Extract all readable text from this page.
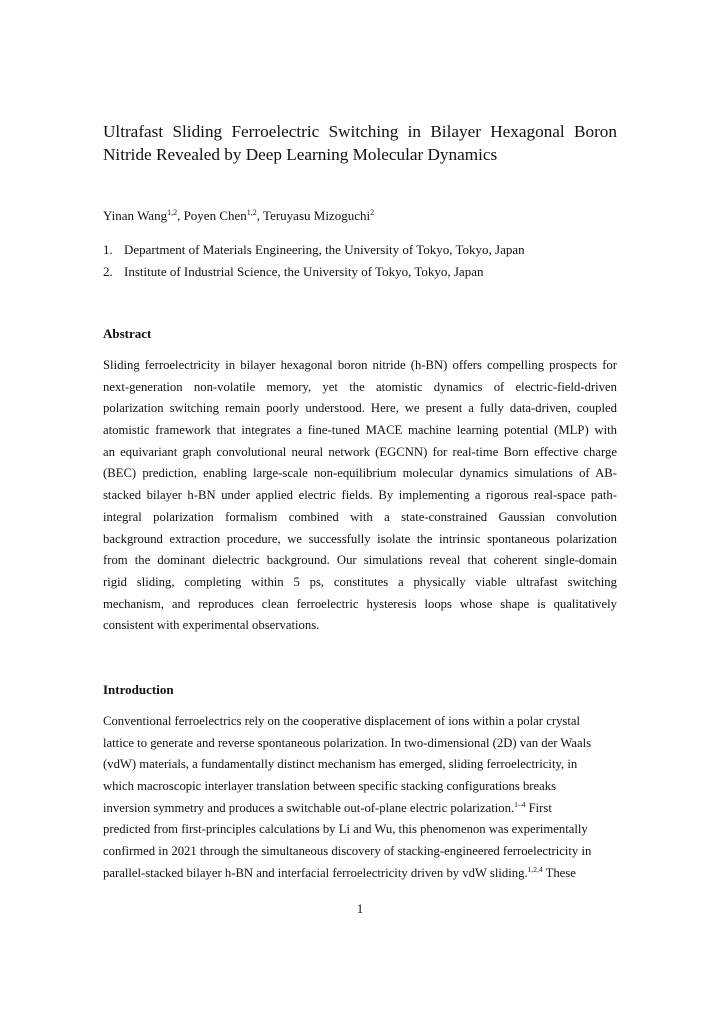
Ultrafast Sliding Ferroelectric Switching in Bilayer Hexagonal Boron Nitride Revealed by Deep Learning Molecular Dynamics
Yinan Wang$^{1,2}$, Poyen Chen$^{1,2}$, Teruyasu Mizoguchi$^2$
1. Department of Materials Engineering, the University of Tokyo, Tokyo, Japan
2. Institute of Industrial Science, the University of Tokyo, Tokyo, Japan
Abstract
Sliding ferroelectricity in bilayer hexagonal boron nitride (h-BN) offers compelling prospects for
next-generation non-volatile memory, yet the atomistic dynamics of electric-field-driven
polarization switching remain poorly understood. Here, we present a fully data-driven, coupled
atomistic framework that integrates a fine-tuned MACE machine learning potential (MLP) with
an equivariant graph convolutional neural network (EGCNN) for real-time Born effective charge
(BEC) prediction, enabling large-scale non-equilibrium molecular dynamics simulations of AB-
stacked bilayer h-BN under applied electric fields. By implementing a rigorous real-space path-
integral polarization formalism combined with a state-constrained Gaussian convolution
background extraction procedure, we successfully isolate the intrinsic spontaneous polarization
from the dominant dielectric background. Our simulations reveal that coherent single-domain
rigid sliding, completing within 5 ps, constitutes a physically viable ultrafast switching
mechanism, and reproduces clean ferroelectric hysteresis loops whose shape is qualitatively
consistent with experimental observations.
Introduction
Conventional ferroelectrics rely on the cooperative displacement of ions within a polar crystal
lattice to generate and reverse spontaneous polarization. In two-dimensional (2D) van der Waals
(vdW) materials, a fundamentally distinct mechanism has emerged, sliding ferroelectricity, in
which macroscopic interlayer translation between specific stacking configurations breaks
inversion symmetry and produces a switchable out-of-plane electric polarization.$^{1-4}$ First
predicted from first-principles calculations by Li and Wu, this phenomenon was experimentally
confirmed in 2021 through the simultaneous discovery of stacking-engineered ferroelectricity in
parallel-stacked bilayer h-BN and interfacial ferroelectricity driven by vdW sliding.$^{1,2,4}$ These
1
